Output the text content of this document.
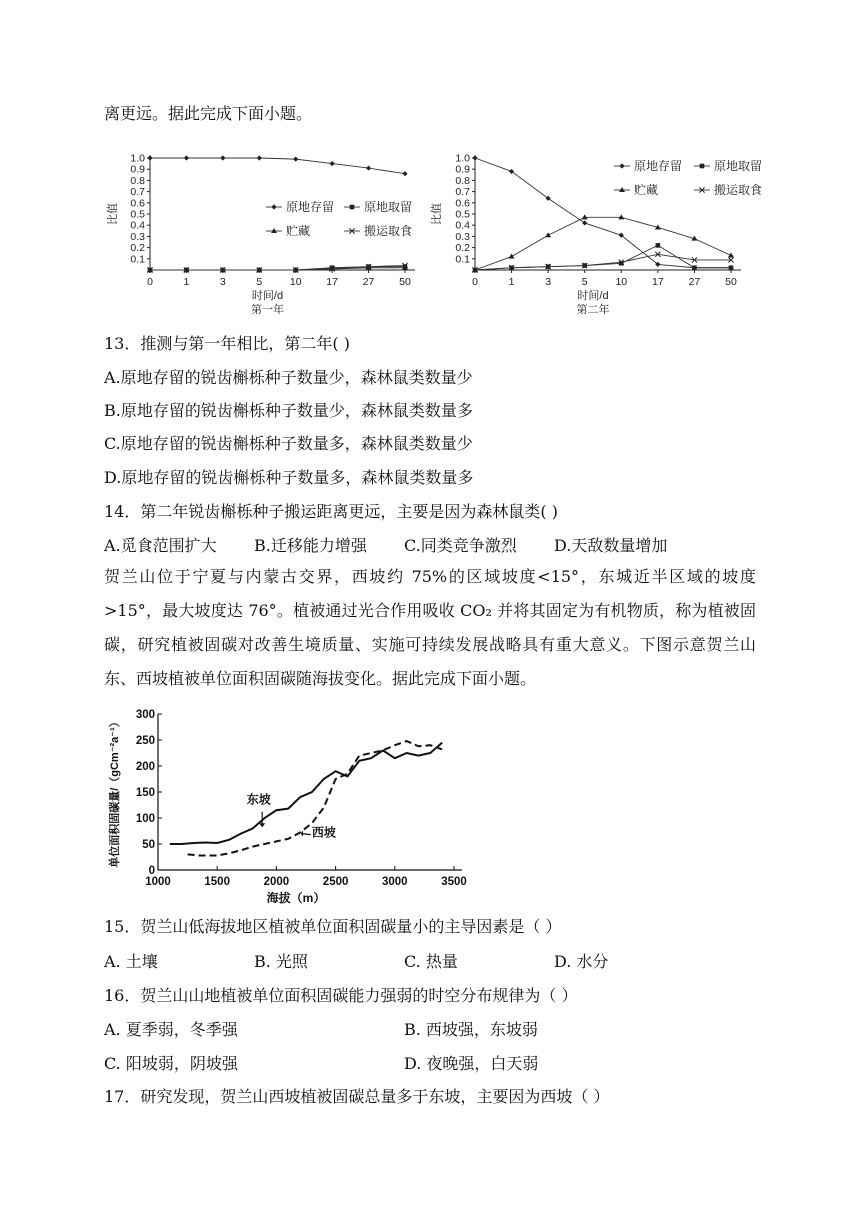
离更远。据此完成下面小题。
0.1
0.2
0.3
0.4
0.5
0.6
0.7
0.8
0.9
1.0
0	1	3	5	10 17 27 50
时间/d
第一年
比值	原地存留 原地取留
贮藏	搬运取食
0.1
0.2
0.3
0.4
0.5
0.6
0.7
0.8
0.9
1.0
0	1	3	5	10 17 27 50
时间/d
第二年
比值
原地存留	原地取留
贮藏	搬运取食
13．推测与第一年相比，第二年( )
A.原地存留的锐齿槲栎种子数量少，森林鼠类数量少
B.原地存留的锐齿槲栎种子数量少，森林鼠类数量多
C.原地存留的锐齿槲栎种子数量多，森林鼠类数量少
D.原地存留的锐齿槲栎种子数量多，森林鼠类数量多
14．第二年锐齿槲栎种子搬运距离更远，主要是因为森林鼠类( )
A.觅食范围扩大 B.迁移能力增强 C.同类竞争激烈 D.天敌数量增加
贺兰山位于宁夏与内蒙古交界，西坡约 75%的区域坡度<15°，东城近半区域的坡度>15°，最大坡度达 76°。植被通过光合作用吸收 CO₂ 并将其固定为有机物质，称为植被固碳，研究植被固碳对改善生境质量、实施可持续发展战略具有重大意义。下图示意贺兰山东、西坡植被单位面积固碳随海拔变化。据此完成下面小题。
0
50
100
150
200
250
300
1000	1500	2000	2500	3000	3500
海拔（m）
单位面积固碳量/（gCm⁻²a⁻¹）	东坡
西坡
15．贺兰山低海拔地区植被单位面积固碳量小的主导因素是（ ）
A. 土壤	B. 光照	C. 热量	D. 水分
16．贺兰山山地植被单位面积固碳能力强弱的时空分布规律为（ ）
A. 夏季弱，冬季强	B. 西坡强，东坡弱
C. 阳坡弱，阴坡强	D. 夜晚强，白天弱
17．研究发现，贺兰山西坡植被固碳总量多于东坡，主要因为西坡（ ）
